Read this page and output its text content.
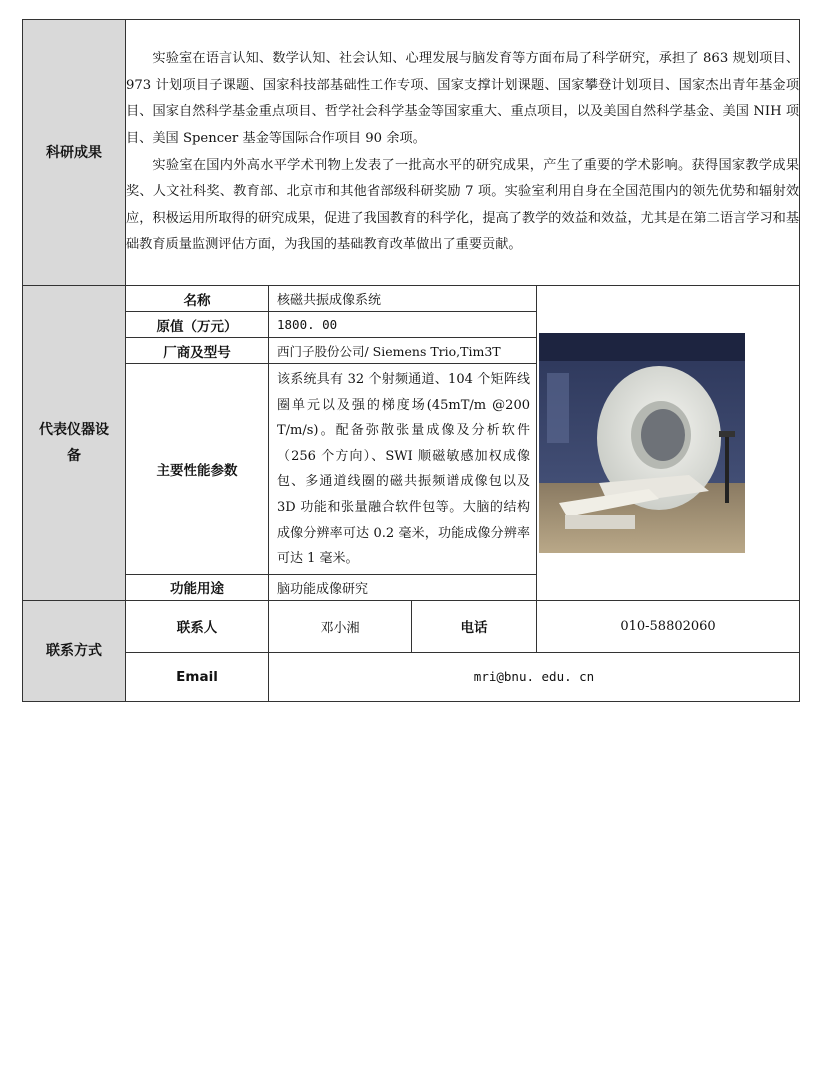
科研成果	实验室在语言认知、数学认知、社会认知、心理发展与脑发育等方面布局了科学研究，承担了 863 规划项目、973 计划项目子课题、国家科技部基础性工作专项、国家支撑计划课题、国家攀登计划项目、国家杰出青年基金项目、国家自然科学基金重点项目、哲学社会科学基金等国家重大、重点项目，以及美国自然科学基金、美国 NIH 项目、美国 Spencer 基金等国际合作项目 90 余项。

实验室在国内外高水平学术刊物上发表了一批高水平的研究成果，产生了重要的学术影响。获得国家教学成果奖、人文社科奖、教育部、北京市和其他省部级科研奖励 7 项。实验室利用自身在全国范围内的领先优势和辐射效应，积极运用所取得的研究成果，促进了我国教育的科学化，提高了教学的效益和效益，尤其是在第二语言学习和基础教育质量监测评估方面，为我国的基础教育改革做出了重要贡献。			

代表仪器设备	名称	核磁共振成像系统	

	原值（万元）	1800. 00		
	厂商及型号	西门子股份公司/ Siemens Trio,Tim3T		
	主要性能参数	该系统具有 32 个射频通道、104 个矩阵线圈单元以及强的梯度场(45mT/m @200 T/m/s)。配备弥散张量成像及分析软件（256 个方向）、SWI 顺磁敏感加权成像包、多通道线圈的磁共振频谱成像包以及 3D 功能和张量融合软件包等。大脑的结构成像分辨率可达 0.2 毫米，功能成像分辨率可达 1 毫米。		
	功能用途	脑功能成像研究		
联系方式	联系人	邓小湘	电话	010-58802060
	Email	mri@bnu. edu. cn		
